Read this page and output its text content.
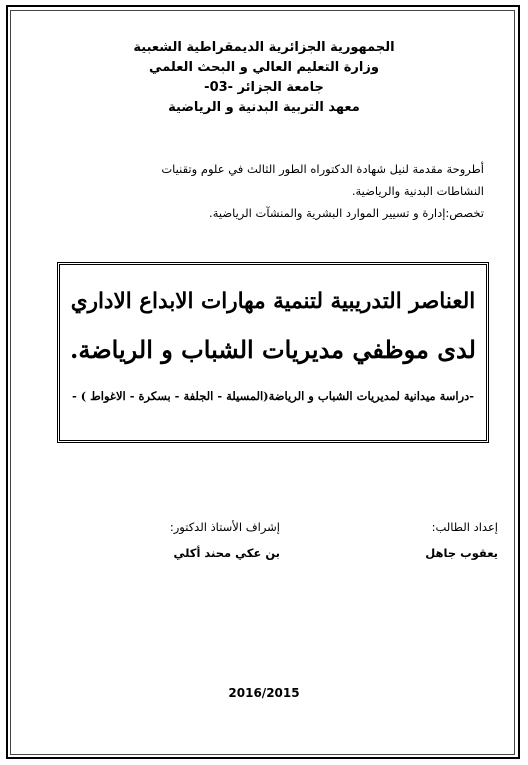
الجمهورية الجزائرية الديمقراطية الشعبية
وزارة التعليم العالي و البحث العلمي
جامعة الجزائر -03-
معهد التربية البدنية و الرياضية
أطروحة مقدمة لنيل شهادة الدكتوراه الطور الثالث في علوم وتقنيات
النشاطات البدنية والرياضية.
تخصص:إدارة و تسيير الموارد البشرية والمنشآت الرياضية.
العناصر التدريبية لتنمية مهارات الابداع الاداري
لدى موظفي مديريات الشباب و الرياضة.
-دراسة ميدانية لمديريات الشباب و الرياضة(المسيلة - الجلفة - بسكرة - الاغواط ) -
إعداد الطالب:
يعقوب جاهل
إشراف الأستاذ الدكتور:
بن عكي محند أكلي
2016/2015
